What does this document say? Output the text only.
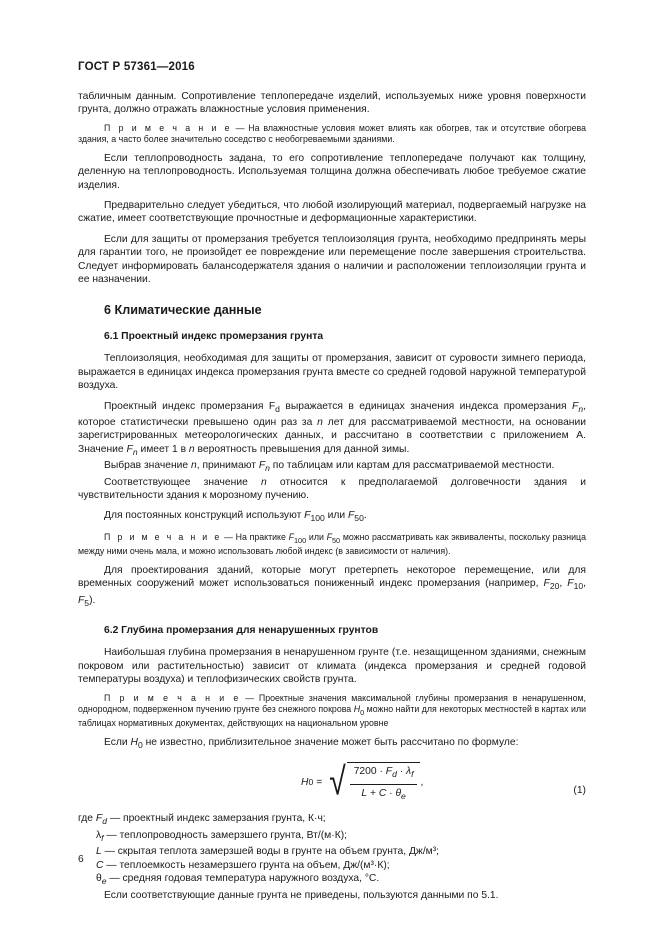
ГОСТ Р 57361—2016

табличным данным. Сопротивление теплопередаче изделий, используемых ниже уровня поверхности грунта, должно отражать влажностные условия применения.

П р и м е ч а н и е — На влажностные условия может влиять как обогрев, так и отсутствие обогрева здания, а часто более значительно соседство с необогреваемыми зданиями.

Если теплопроводность задана, то его сопротивление теплопередаче получают как толщину, деленную на теплопроводность. Используемая толщина должна обеспечивать любое требуемое сжатие изделия.

Предварительно следует убедиться, что любой изолирующий материал, подвергаемый нагрузке на сжатие, имеет соответствующие прочностные и деформационные характеристики.

Если для защиты от промерзания требуется теплоизоляция грунта, необходимо предпринять меры для гарантии того, не произойдет ее повреждение или перемещение после завершения строительства. Следует информировать балансодержателя здания о наличии и расположении теплоизоляции грунта и ее назначении.

6 Климатические данные
6.1 Проектный индекс промерзания грунта

Теплоизоляция, необходимая для защиты от промерзания, зависит от суровости зимнего периода, выражается в единицах индекса промерзания грунта вместе со средней годовой наружной температурой воздуха.

Проектный индекс промерзания $F_d$ выражается в единицах значения индекса промерзания $F_n$, которое статистически превышено один раз за n лет для рассматриваемой местности, на основании зарегистрированных метеорологических данных, и рассчитано в соответствии с приложением А. Значение $F_n$ имеет 1 в n вероятность превышения для данной зимы.

Выбрав значение n, принимают $F_n$ по таблицам или картам для рассматриваемой местности.

Соответствующее значение n относится к предполагаемой долговечности здания и чувствительности здания к морозному пучению.

Для постоянных конструкций используют $F_{100}$ или $F_{50}$.

П р и м е ч а н и е — На практике $F_{100}$ или $F_{50}$ можно рассматривать как эквиваленты, поскольку разница между ними очень мала, и можно использовать любой индекс (в зависимости от наличия).

Для проектирования зданий, которые могут претерпеть некоторое перемещение, или для временных сооружений может использоваться пониженный индекс промерзания (например, $F_{20}$, $F_{10}$, $F_5$).

6.2 Глубина промерзания для ненарушенных грунтов

Наибольшая глубина промерзания в ненарушенном грунте (т.е. незащищенном зданиями, снежным покровом или растительностью) зависит от климата (индекса промерзания и средней годовой температуры воздуха) и теплофизических свойств грунта.

П р и м е ч а н и е — Проектные значения максимальной глубины промерзания в ненарушенном, однородном, подверженном пучению грунте без снежного покрова $H_0$ можно найти для некоторых местностей в картах или таблицах нормативных документах, действующих на национальном уровне

Если $H_0$ не известно, приблизительное значение может быть рассчитано по формуле:

H 0 = √ $\frac{7200 \cdot F_d \cdot \lambda_f}{L + C \cdot \theta_e}$ ,
(1)

где $F_d$ — проектный индекс замерзания грунта, К·ч;

$\lambda_f$ — теплопроводность замерзшего грунта, Вт/(м·К);

L — скрытая теплота замерзшей воды в грунте на объем грунта, Дж/м³;

C — теплоемкость незамерзшего грунта на объем, Дж/(м³·К);

$\theta_e$ — средняя годовая температура наружного воздуха, °С.

Если соответствующие данные грунта не приведены, пользуются данными по 5.1.

6
